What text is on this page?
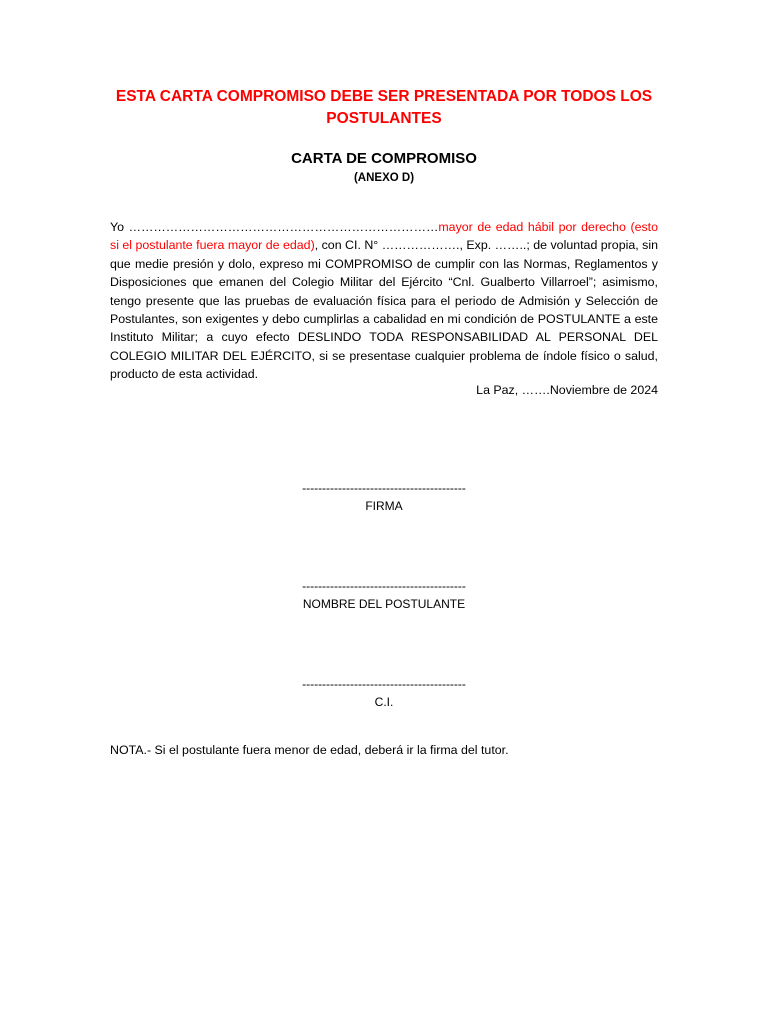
ESTA CARTA COMPROMISO DEBE SER PRESENTADA POR TODOS LOS POSTULANTES

CARTA DE COMPROMISO

(ANEXO D)

Yo …………………………………………………………………mayor de edad hábil por derecho (esto si el postulante fuera mayor de edad), con CI. N° ………………., Exp. ……..; de voluntad propia, sin que medie presión y dolo, expreso mi COMPROMISO de cumplir con las Normas, Reglamentos y Disposiciones que emanen del Colegio Militar del Ejército “Cnl. Gualberto Villarroel”; asimismo, tengo presente que las pruebas de evaluación física para el periodo de Admisión y Selección de Postulantes, son exigentes y debo cumplirlas a cabalidad en mi condición de POSTULANTE a este Instituto Militar; a cuyo efecto DESLINDO TODA RESPONSABILIDAD AL PERSONAL DEL COLEGIO MILITAR DEL EJÉRCITO, si se presentase cualquier problema de índole físico o salud, producto de esta actividad.

La Paz, …….Noviembre de 2024

-----------------------------------------
FIRMA
-----------------------------------------
NOMBRE DEL POSTULANTE
-----------------------------------------
C.I.

NOTA.- Si el postulante fuera menor de edad, deberá ir la firma del tutor.
